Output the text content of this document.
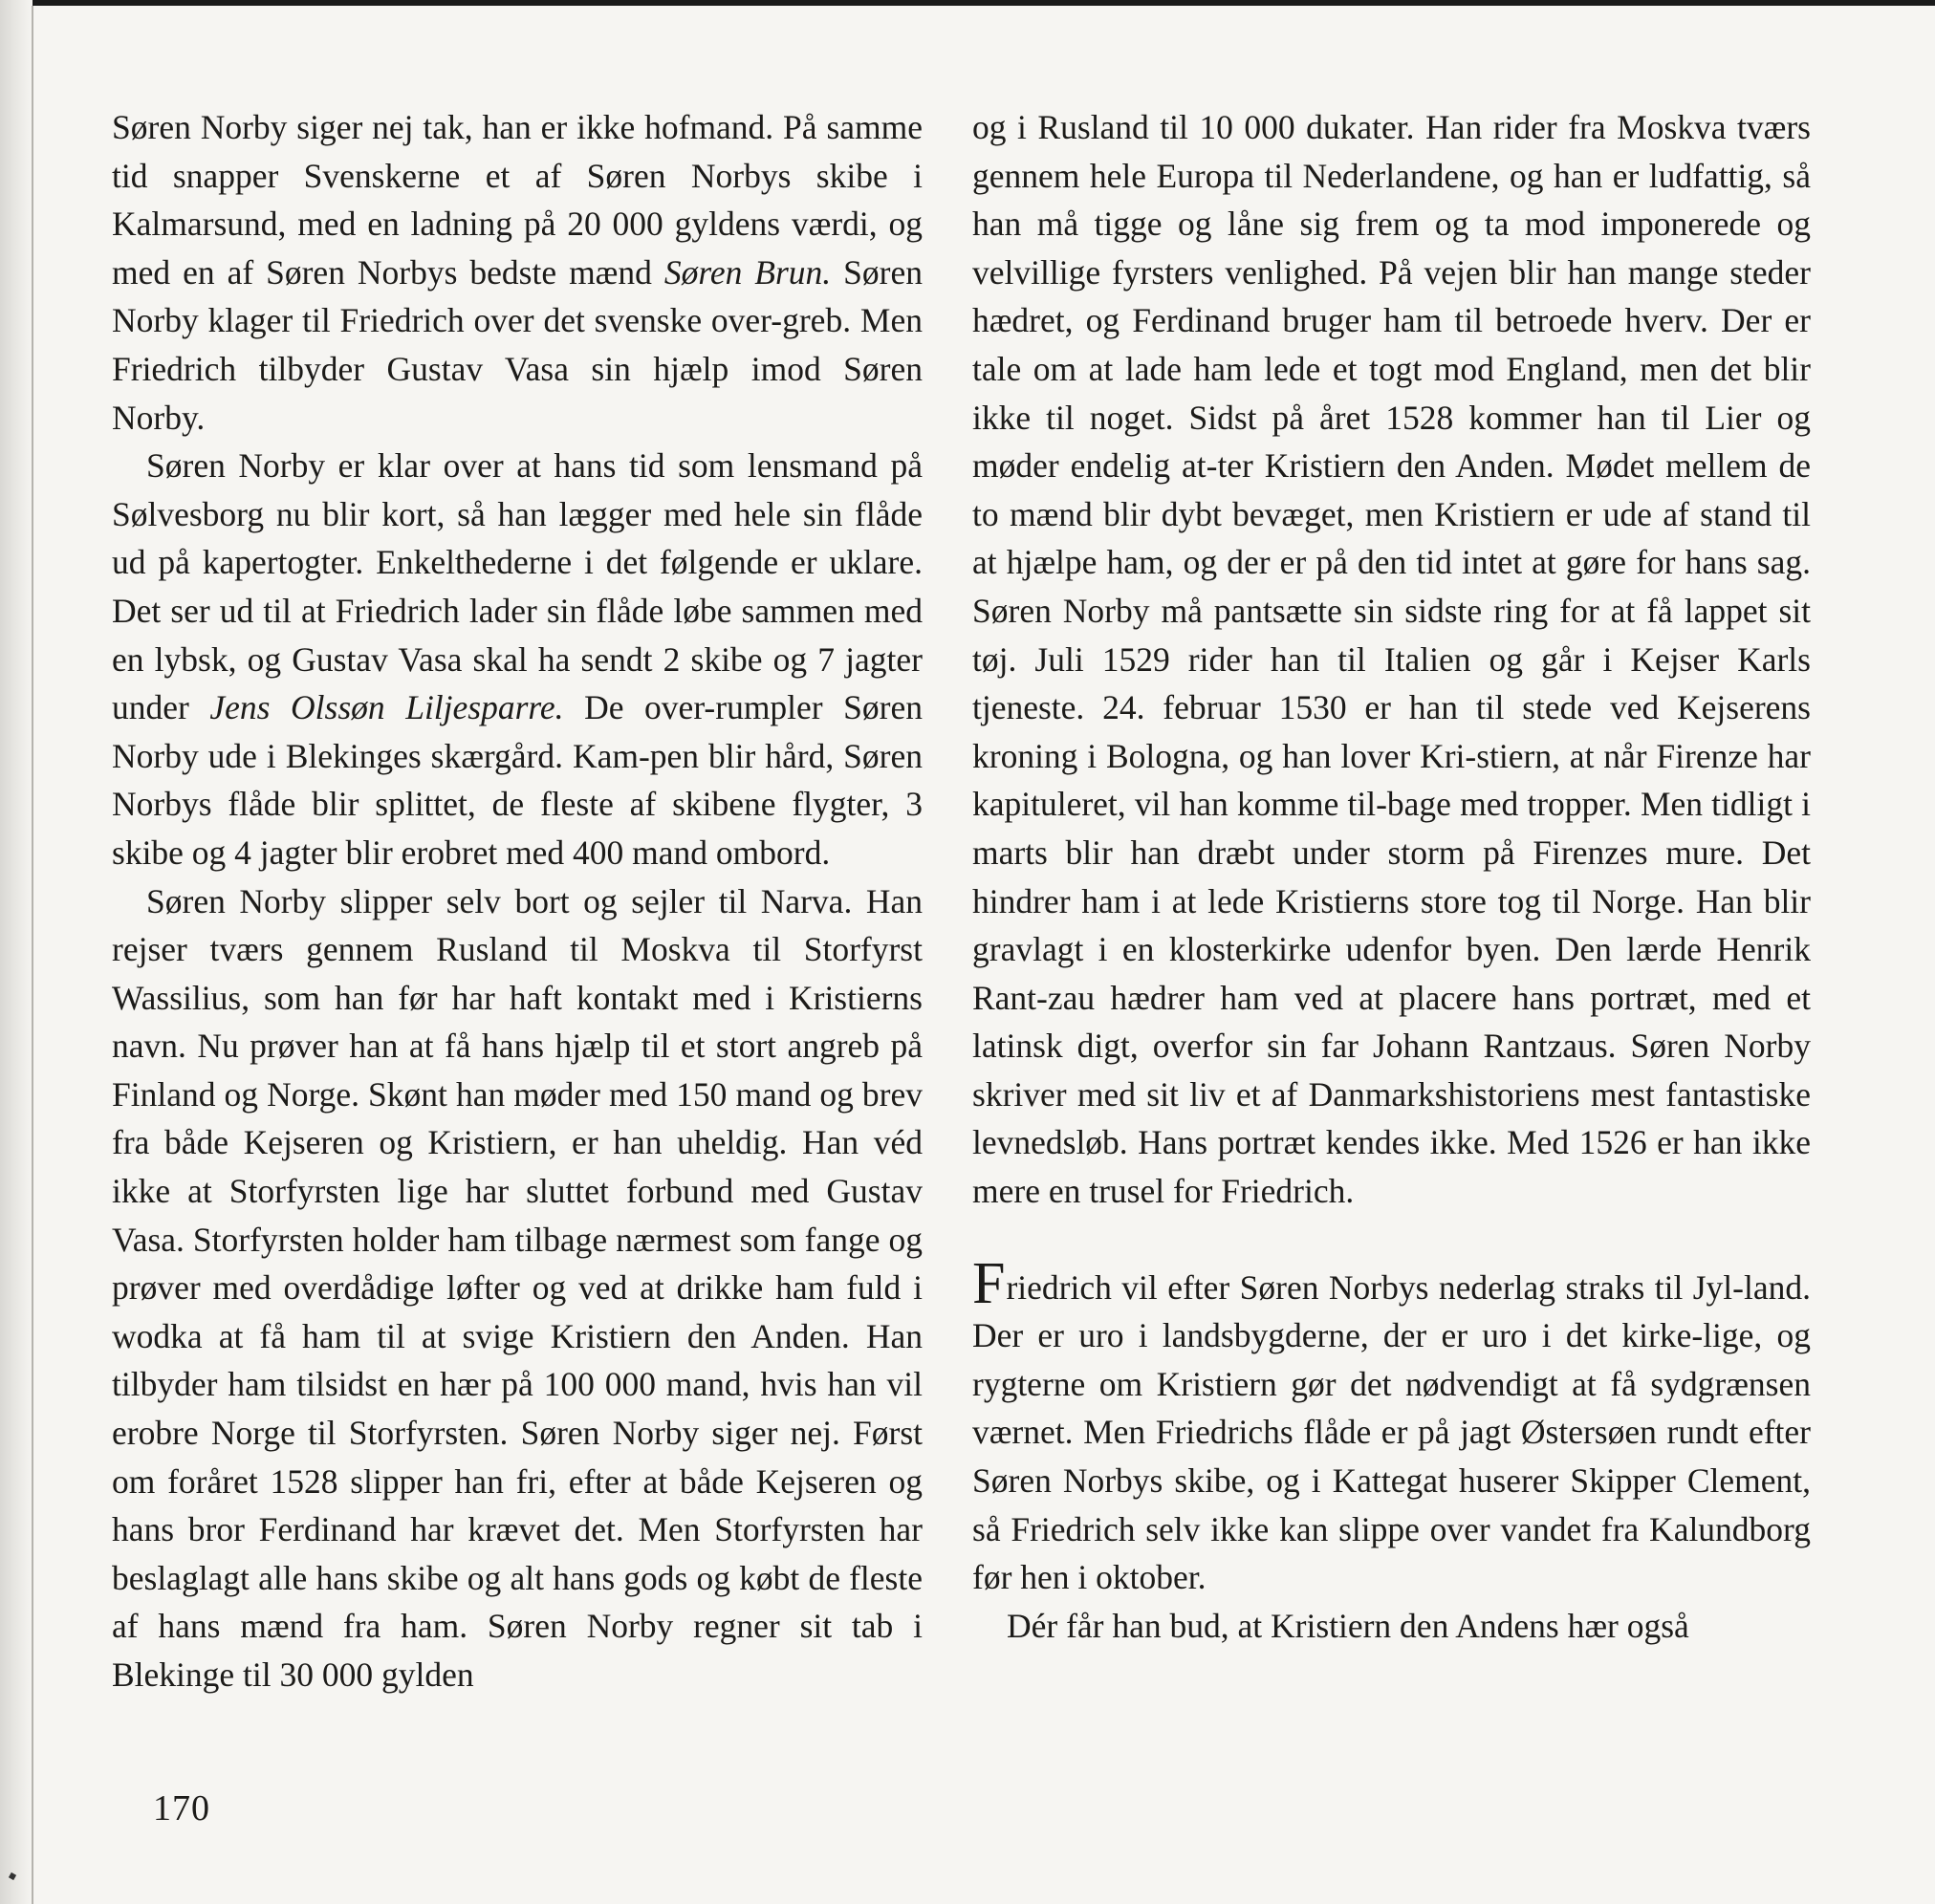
Søren Norby siger nej tak, han er ikke hofmand. På samme tid snapper Svenskerne et af Søren Norbys skibe i Kalmarsund, med en ladning på 20 000 gyldens værdi, og med en af Søren Norbys bedste mænd Søren Brun. Søren Norby klager til Friedrich over det svenske over-greb. Men Friedrich tilbyder Gustav Vasa sin hjælp imod Søren Norby.

Søren Norby er klar over at hans tid som lensmand på Sølvesborg nu blir kort, så han lægger med hele sin flåde ud på kapertogter. Enkelthederne i det følgende er uklare. Det ser ud til at Friedrich lader sin flåde løbe sammen med en lybsk, og Gustav Vasa skal ha sendt 2 skibe og 7 jagter under Jens Olssøn Liljesparre. De over-rumpler Søren Norby ude i Blekinges skærgård. Kam-pen blir hård, Søren Norbys flåde blir splittet, de fleste af skibene flygter, 3 skibe og 4 jagter blir erobret med 400 mand ombord.

Søren Norby slipper selv bort og sejler til Narva. Han rejser tværs gennem Rusland til Moskva til Storfyrst Wassilius, som han før har haft kontakt med i Kristierns navn. Nu prøver han at få hans hjælp til et stort angreb på Finland og Norge. Skønt han møder med 150 mand og brev fra både Kejseren og Kristiern, er han uheldig. Han véd ikke at Storfyrsten lige har sluttet forbund med Gustav Vasa. Storfyrsten holder ham tilbage nærmest som fange og prøver med overdådige løfter og ved at drikke ham fuld i wodka at få ham til at svige Kristiern den Anden. Han tilbyder ham tilsidst en hær på 100 000 mand, hvis han vil erobre Norge til Storfyrsten. Søren Norby siger nej. Først om foråret 1528 slipper han fri, efter at både Kejseren og hans bror Ferdinand har krævet det. Men Storfyrsten har beslaglagt alle hans skibe og alt hans gods og købt de fleste af hans mænd fra ham. Søren Norby regner sit tab i Blekinge til 30 000 gylden

og i Rusland til 10 000 dukater. Han rider fra Moskva tværs gennem hele Europa til Nederlandene, og han er ludfattig, så han må tigge og låne sig frem og ta mod imponerede og velvillige fyrsters venlighed. På vejen blir han mange steder hædret, og Ferdinand bruger ham til betroede hverv. Der er tale om at lade ham lede et togt mod England, men det blir ikke til noget. Sidst på året 1528 kommer han til Lier og møder endelig at-ter Kristiern den Anden. Mødet mellem de to mænd blir dybt bevæget, men Kristiern er ude af stand til at hjælpe ham, og der er på den tid intet at gøre for hans sag. Søren Norby må pantsætte sin sidste ring for at få lappet sit tøj. Juli 1529 rider han til Italien og går i Kejser Karls tjeneste. 24. februar 1530 er han til stede ved Kejserens kroning i Bologna, og han lover Kri-stiern, at når Firenze har kapituleret, vil han komme til-bage med tropper. Men tidligt i marts blir han dræbt under storm på Firenzes mure. Det hindrer ham i at lede Kristierns store tog til Norge. Han blir gravlagt i en klosterkirke udenfor byen. Den lærde Henrik Rant-zau hædrer ham ved at placere hans portræt, med et latinsk digt, overfor sin far Johann Rantzaus. Søren Norby skriver med sit liv et af Danmarkshistoriens mest fantastiske levnedsløb. Hans portræt kendes ikke. Med 1526 er han ikke mere en trusel for Friedrich.

Friedrich vil efter Søren Norbys nederlag straks til Jyl-land. Der er uro i landsbygderne, der er uro i det kirke-lige, og rygterne om Kristiern gør det nødvendigt at få sydgrænsen værnet. Men Friedrichs flåde er på jagt Østersøen rundt efter Søren Norbys skibe, og i Kattegat huserer Skipper Clement, så Friedrich selv ikke kan slippe over vandet fra Kalundborg før hen i oktober.

Dér får han bud, at Kristiern den Andens hær også

170
